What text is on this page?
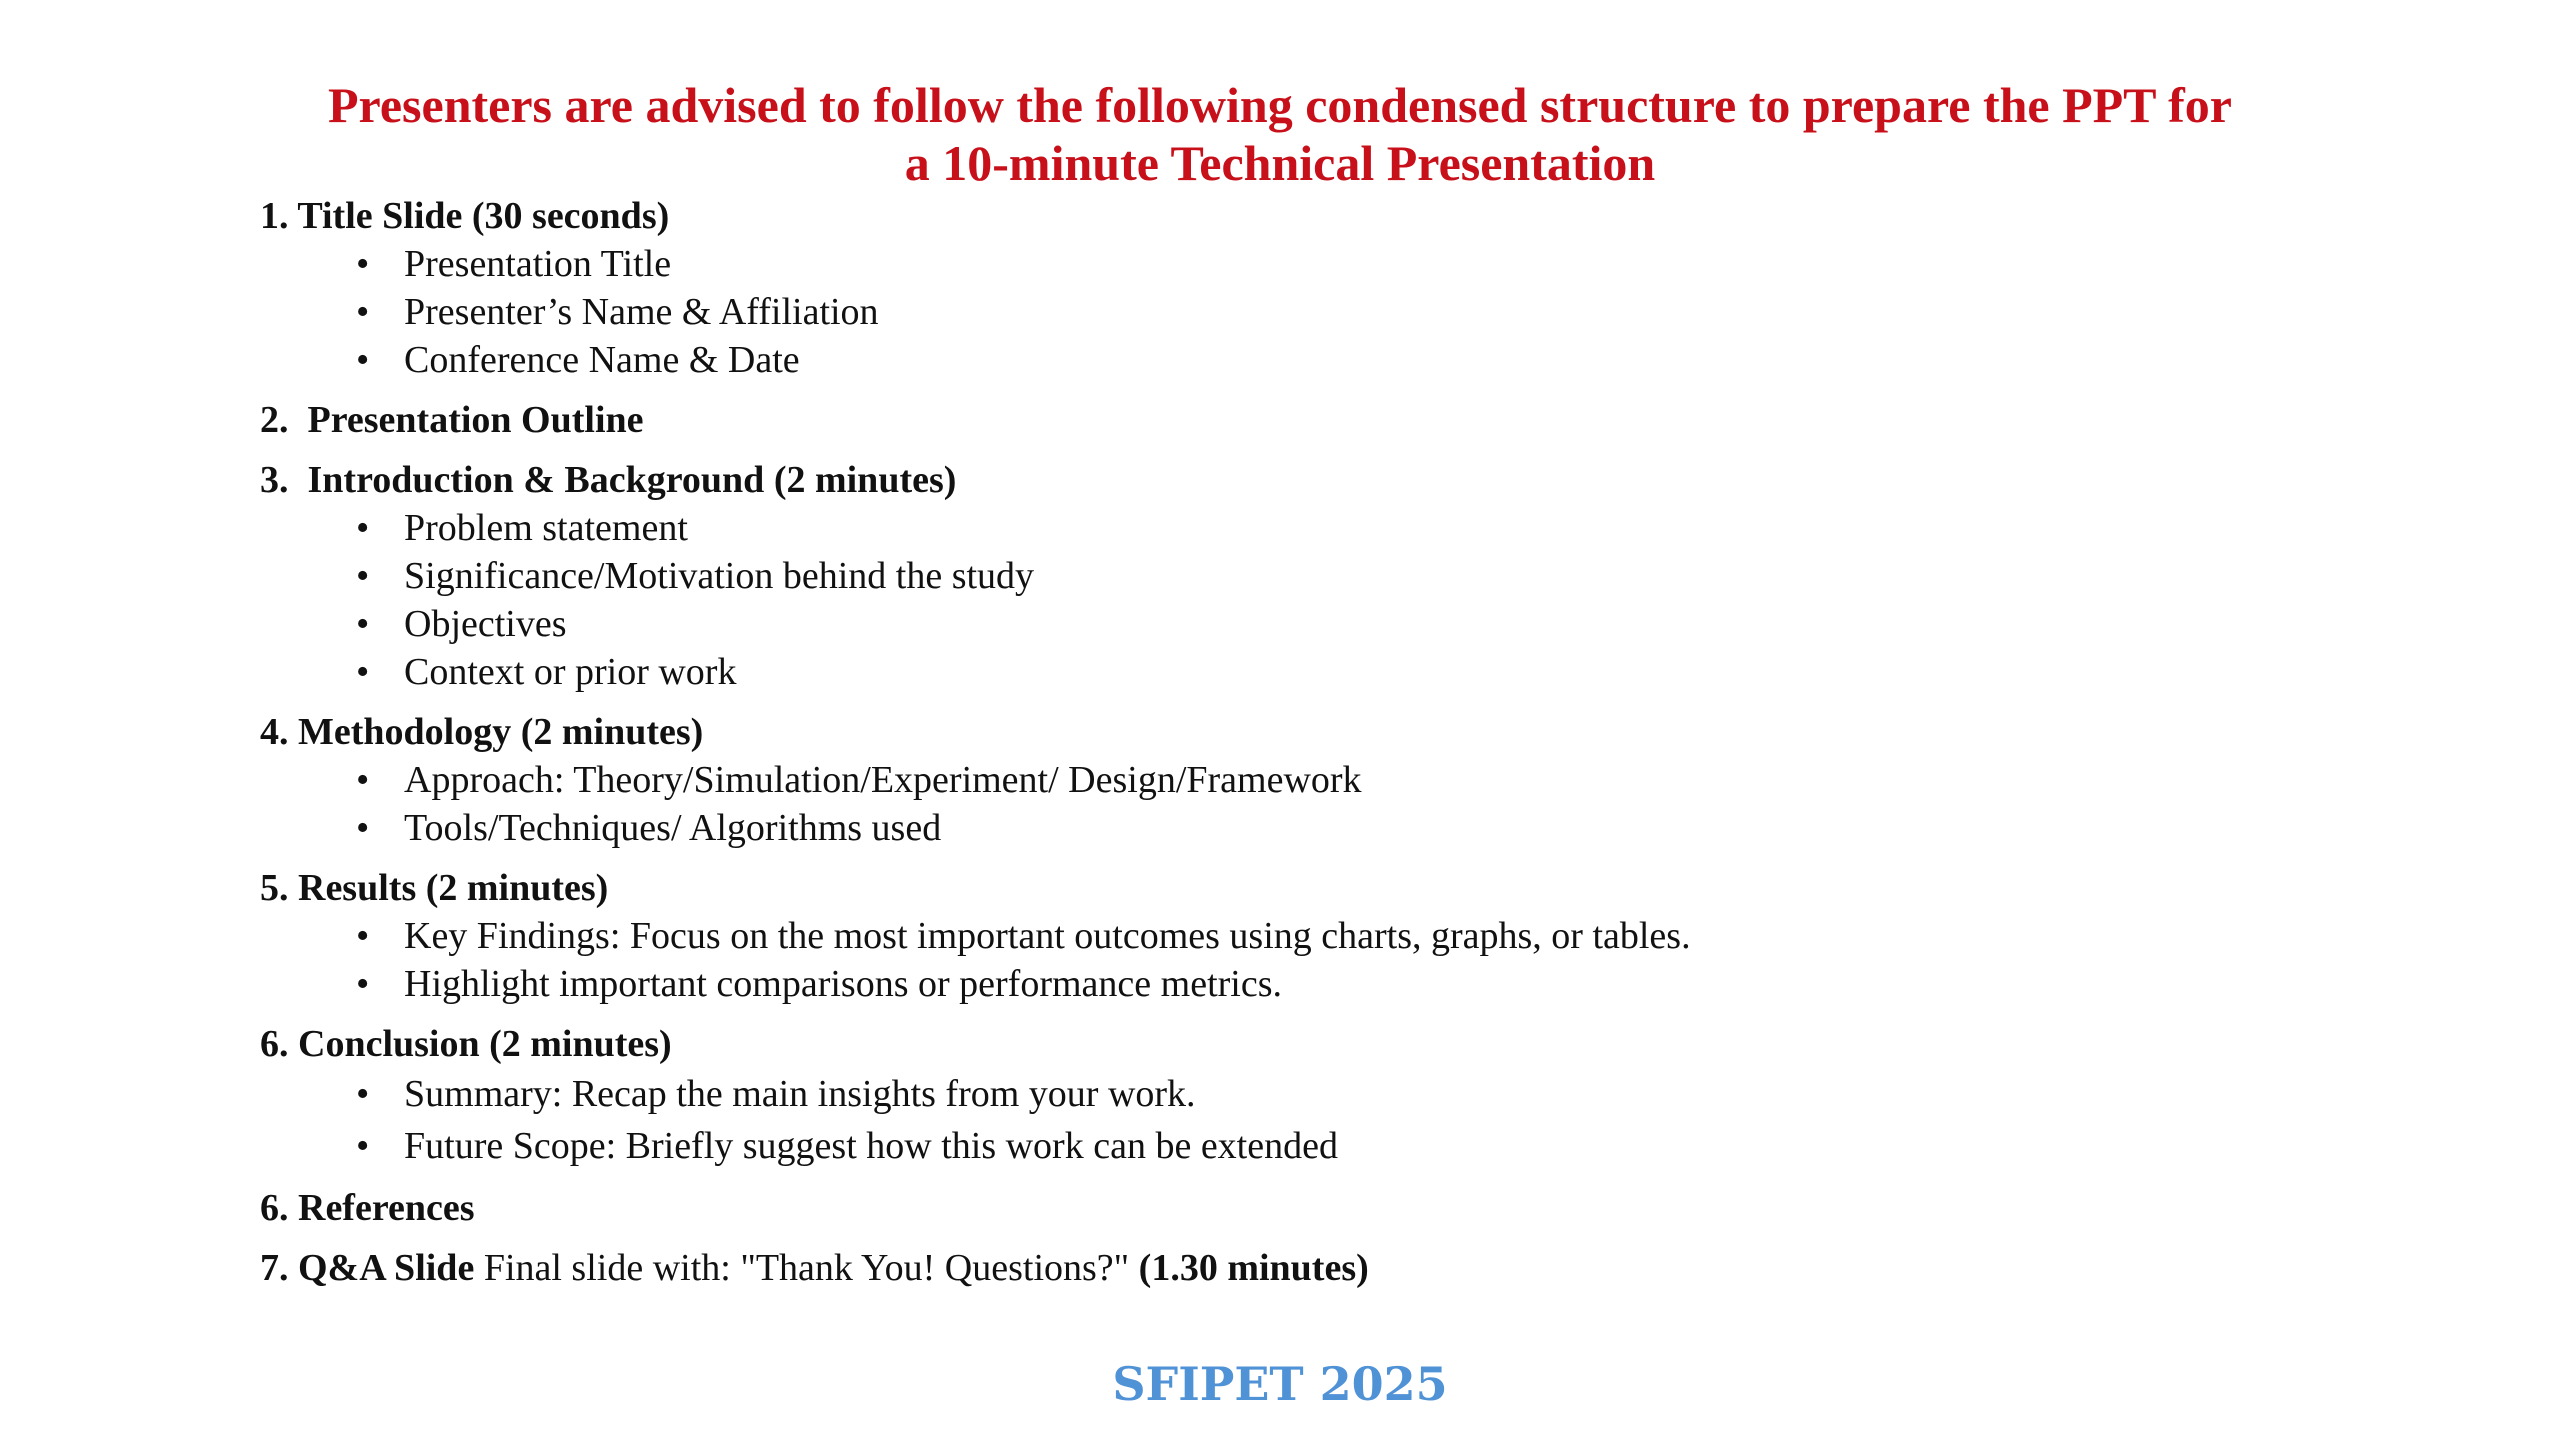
Presenters are advised to follow the following condensed structure to prepare the PPT for
a 10-minute Technical Presentation
1. Title Slide (30 seconds)
• Presentation Title
• Presenter’s Name & Affiliation
• Conference Name & Date
2. Presentation Outline
3. Introduction & Background (2 minutes)
• Problem statement
• Significance/Motivation behind the study
• Objectives
• Context or prior work
4. Methodology (2 minutes)
• Approach: Theory/Simulation/Experiment/ Design/Framework
• Tools/Techniques/ Algorithms used
5. Results (2 minutes)
• Key Findings: Focus on the most important outcomes using charts, graphs, or tables.
• Highlight important comparisons or performance metrics.
6. Conclusion (2 minutes)
• Summary: Recap the main insights from your work.
• Future Scope: Briefly suggest how this work can be extended
6. References
7. Q&A Slide Final slide with: "Thank You! Questions?" (1.30 minutes)
SFIPET 2025
